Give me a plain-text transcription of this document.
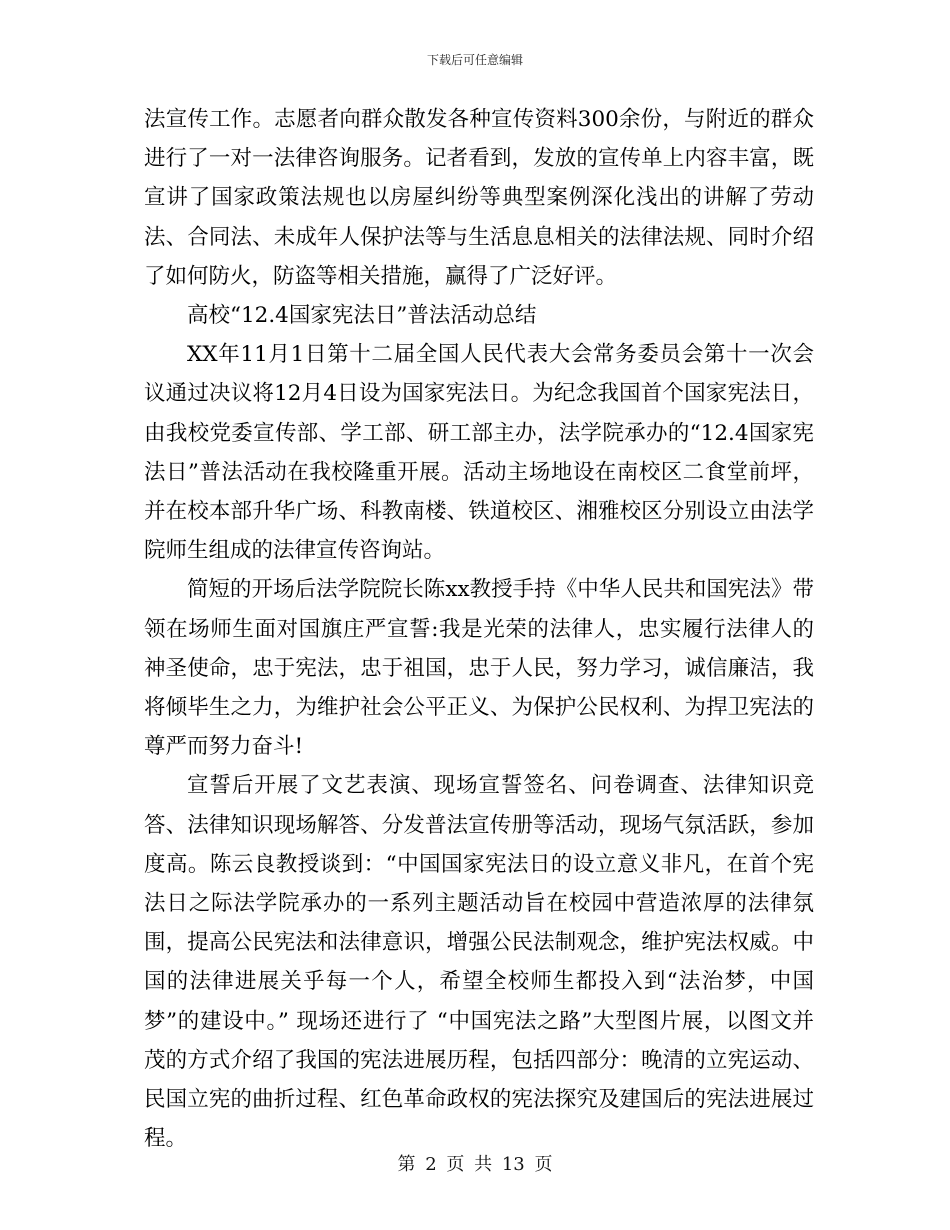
下载后可任意编辑

法宣传工作。志愿者向群众散发各种宣传资料300余份，与附近的群众进行了一对一法律咨询服务。记者看到，发放的宣传单上内容丰富，既宣讲了国家政策法规也以房屋纠纷等典型案例深化浅出的讲解了劳动法、合同法、未成年人保护法等与生活息息相关的法律法规、同时介绍了如何防火，防盗等相关措施，赢得了广泛好评。

高校“12.4国家宪法日”普法活动总结

XX年11月1日第十二届全国人民代表大会常务委员会第十一次会议通过决议将12月4日设为国家宪法日。为纪念我国首个国家宪法日，由我校党委宣传部、学工部、研工部主办，法学院承办的“12.4国家宪法日”普法活动在我校隆重开展。活动主场地设在南校区二食堂前坪，并在校本部升华广场、科教南楼、铁道校区、湘雅校区分别设立由法学院师生组成的法律宣传咨询站。

简短的开场后法学院院长陈xx教授手持《中华人民共和国宪法》带领在场师生面对国旗庄严宣誓:我是光荣的法律人，忠实履行法律人的神圣使命，忠于宪法，忠于祖国，忠于人民，努力学习，诚信廉洁，我将倾毕生之力，为维护社会公平正义、为保护公民权利、为捍卫宪法的尊严而努力奋斗!

宣誓后开展了文艺表演、现场宣誓签名、问卷调查、法律知识竞答、法律知识现场解答、分发普法宣传册等活动，现场气氛活跃，参加度高。陈云良教授谈到：“中国国家宪法日的设立意义非凡，在首个宪法日之际法学院承办的一系列主题活动旨在校园中营造浓厚的法律氛围，提高公民宪法和法律意识，增强公民法制观念，维护宪法权威。中国的法律进展关乎每一个人，希望全校师生都投入到“法治梦，中国梦”的建设中。” 现场还进行了 “中国宪法之路”大型图片展，以图文并茂的方式介绍了我国的宪法进展历程，包括四部分：晚清的立宪运动、民国立宪的曲折过程、红色革命政权的宪法探究及建国后的宪法进展过程。

第 2 页 共 13 页
